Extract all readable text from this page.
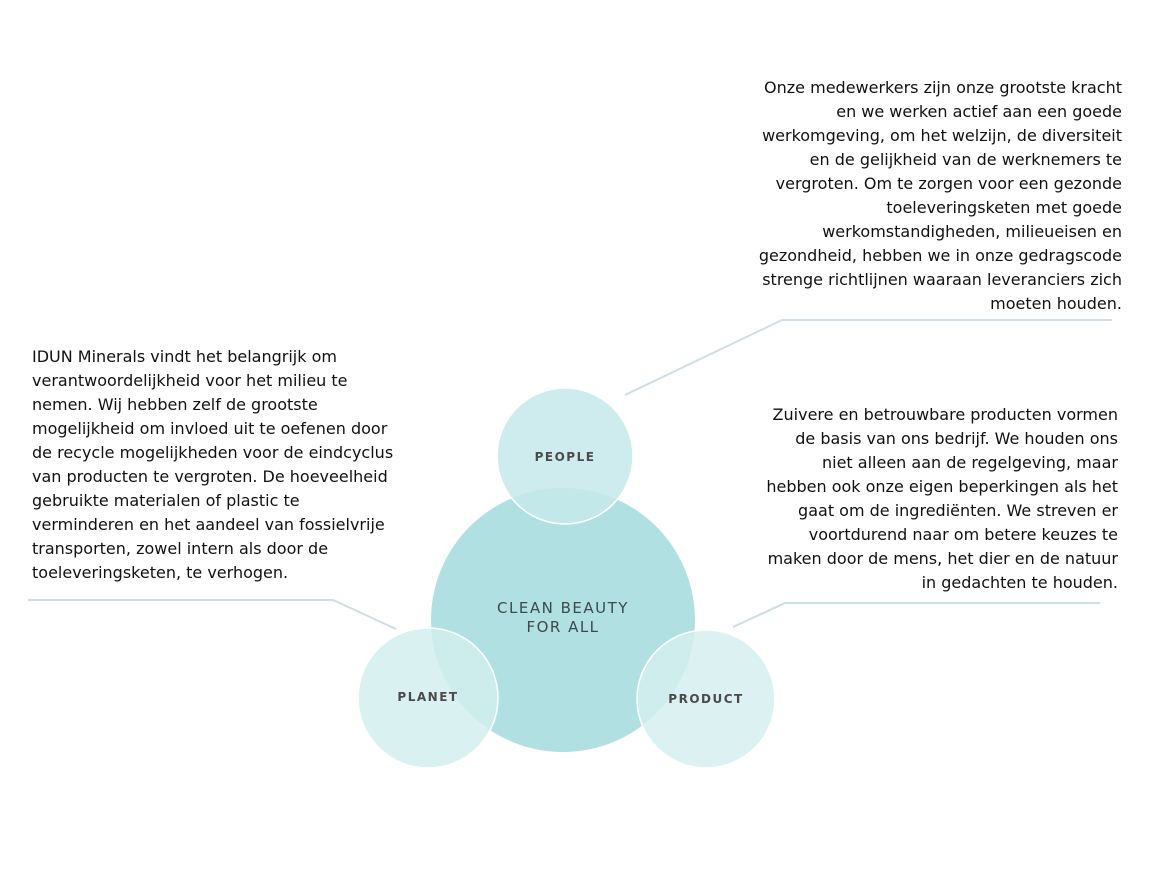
PEOPLE
PLANET	PRODUCT
CLEAN BEAUTY
FOR ALL

Onze medewerkers zijn onze grootste kracht
en we werken actief aan een goede
werkomgeving, om het welzijn, de diversiteit
en de gelijkheid van de werknemers te
vergroten. Om te zorgen voor een gezonde
toeleveringsketen met goede
werkomstandigheden, milieueisen en
gezondheid, hebben we in onze gedragscode
strenge richtlijnen waaraan leveranciers zich
moeten houden.

Zuivere en betrouwbare producten vormen
de basis van ons bedrijf. We houden ons
niet alleen aan de regelgeving, maar
hebben ook onze eigen beperkingen als het
gaat om de ingrediënten. We streven er
voortdurend naar om betere keuzes te
maken door de mens, het dier en de natuur
in gedachten te houden.

IDUN Minerals vindt het belangrijk om
verantwoordelijkheid voor het milieu te
nemen. Wij hebben zelf de grootste
mogelijkheid om invloed uit te oefenen door
de recycle mogelijkheden voor de eindcyclus
van producten te vergroten. De hoeveelheid
gebruikte materialen of plastic te
verminderen en het aandeel van fossielvrije
transporten, zowel intern als door de
toeleveringsketen, te verhogen.
